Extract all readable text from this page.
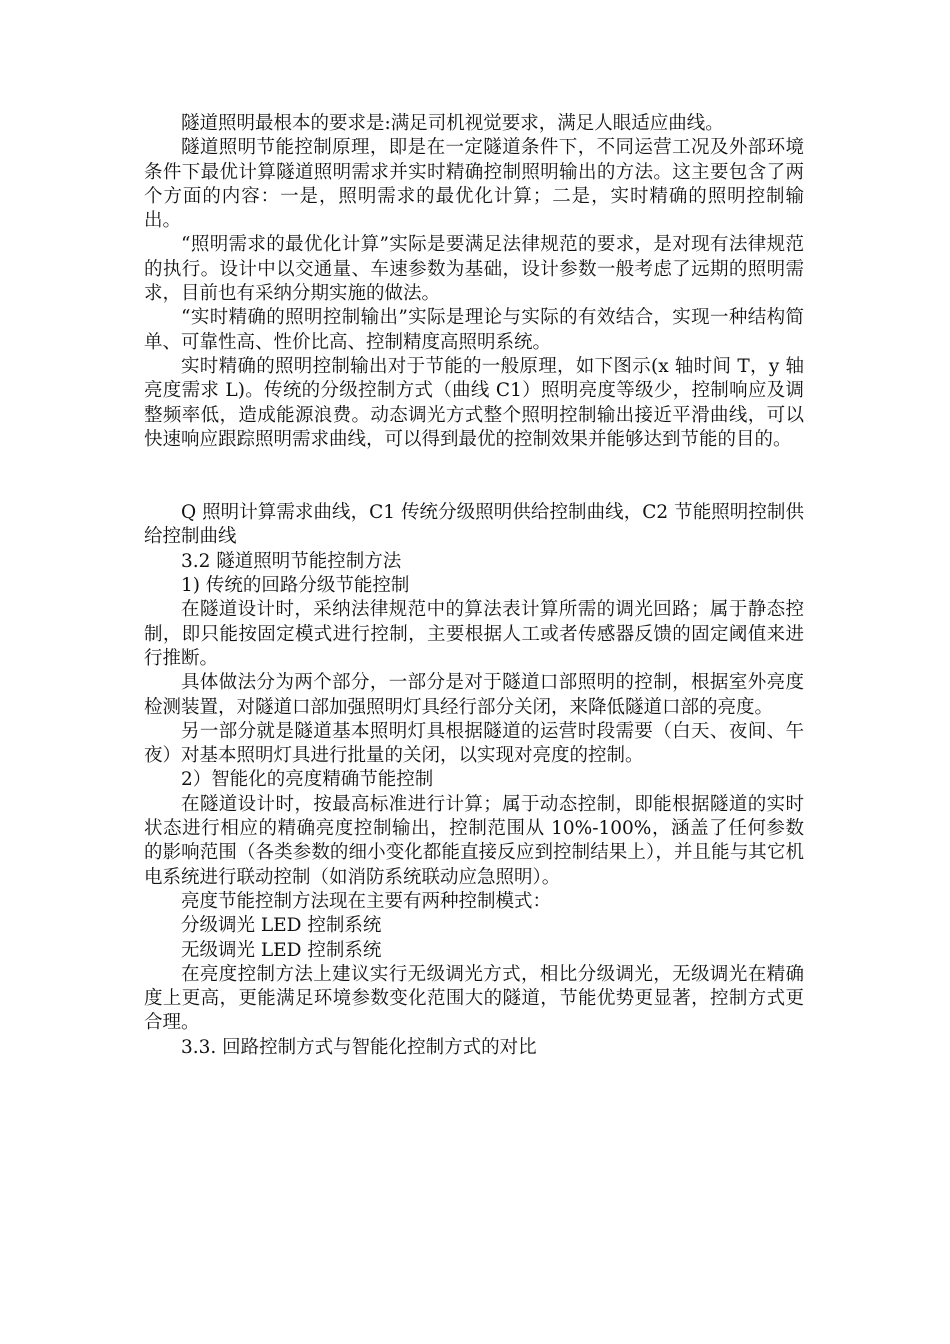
隧道照明最根本的要求是:满足司机视觉要求，满足人眼适应曲线。

隧道照明节能控制原理，即是在一定隧道条件下，不同运营工况及外部环境条件下最优计算隧道照明需求并实时精确控制照明输出的方法。这主要包含了两个方面的内容：一是，照明需求的最优化计算；二是，实时精确的照明控制输出。

“照明需求的最优化计算”实际是要满足法律规范的要求，是对现有法律规范的执行。设计中以交通量、车速参数为基础，设计参数一般考虑了远期的照明需求，目前也有采纳分期实施的做法。

“实时精确的照明控制输出”实际是理论与实际的有效结合，实现一种结构简单、可靠性高、性价比高、控制精度高照明系统。

实时精确的照明控制输出对于节能的一般原理，如下图示(x 轴时间 T，y 轴亮度需求 L)。传统的分级控制方式（曲线 C1）照明亮度等级少，控制响应及调整频率低，造成能源浪费。动态调光方式整个照明控制输出接近平滑曲线，可以快速响应跟踪照明需求曲线，可以得到最优的控制效果并能够达到节能的目的。

Q 照明计算需求曲线，C1 传统分级照明供给控制曲线，C2 节能照明控制供给控制曲线

3.2 隧道照明节能控制方法

1) 传统的回路分级节能控制

在隧道设计时，采纳法律规范中的算法表计算所需的调光回路；属于静态控制，即只能按固定模式进行控制，主要根据人工或者传感器反馈的固定阈值来进行推断。

具体做法分为两个部分，一部分是对于隧道口部照明的控制，根据室外亮度检测装置，对隧道口部加强照明灯具经行部分关闭，来降低隧道口部的亮度。

另一部分就是隧道基本照明灯具根据隧道的运营时段需要（白天、夜间、午夜）对基本照明灯具进行批量的关闭，以实现对亮度的控制。

2）智能化的亮度精确节能控制

在隧道设计时，按最高标准进行计算；属于动态控制，即能根据隧道的实时状态进行相应的精确亮度控制输出，控制范围从 10%-100%，涵盖了任何参数的影响范围（各类参数的细小变化都能直接反应到控制结果上），并且能与其它机电系统进行联动控制（如消防系统联动应急照明）。

亮度节能控制方法现在主要有两种控制模式：

分级调光 LED 控制系统

无级调光 LED 控制系统

在亮度控制方法上建议实行无级调光方式，相比分级调光，无级调光在精确度上更高，更能满足环境参数变化范围大的隧道，节能优势更显著，控制方式更合理。

3.3. 回路控制方式与智能化控制方式的对比
